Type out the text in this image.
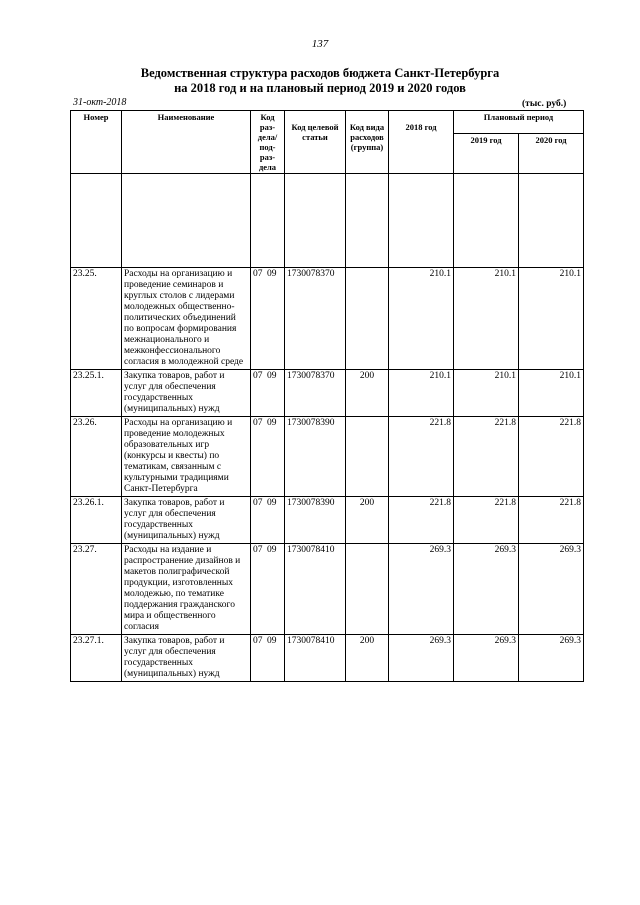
137
Ведомственная структура расходов бюджета Санкт-Петербурга
на 2018 год и на плановый период 2019 и 2020 годов
31-окт-2018	(тыс. руб.)
Номер	Наименование	Код раз-дела/ под-раз-дела	Код целевой статьи	Код вида расходов (группа)	2018 год	Плановый период	
						2019 год	2020 год

23.25.	Расходы на организацию и проведение семинаров и круглых столов с лидерами молодежных общественно-политических объединений по вопросам формирования межнационального и межконфессионального согласия в молодежной среде	07 09	1730078370		210.1	210.1	210.1
23.25.1.	Закупка товаров, работ и услуг для обеспечения государственных (муниципальных) нужд	07 09	1730078370	200	210.1	210.1	210.1
23.26.	Расходы на организацию и проведение молодежных образовательных игр (конкурсы и квесты) по тематикам, связанным с культурными традициями Санкт-Петербурга	07 09	1730078390		221.8	221.8	221.8
23.26.1.	Закупка товаров, работ и услуг для обеспечения государственных (муниципальных) нужд	07 09	1730078390	200	221.8	221.8	221.8
23.27.	Расходы на издание и распространение дизайнов и макетов полиграфической продукции, изготовленных молодежью, по тематике поддержания гражданского мира и общественного согласия	07 09	1730078410		269.3	269.3	269.3
23.27.1.	Закупка товаров, работ и услуг для обеспечения государственных (муниципальных) нужд	07 09	1730078410	200	269.3	269.3	269.3
